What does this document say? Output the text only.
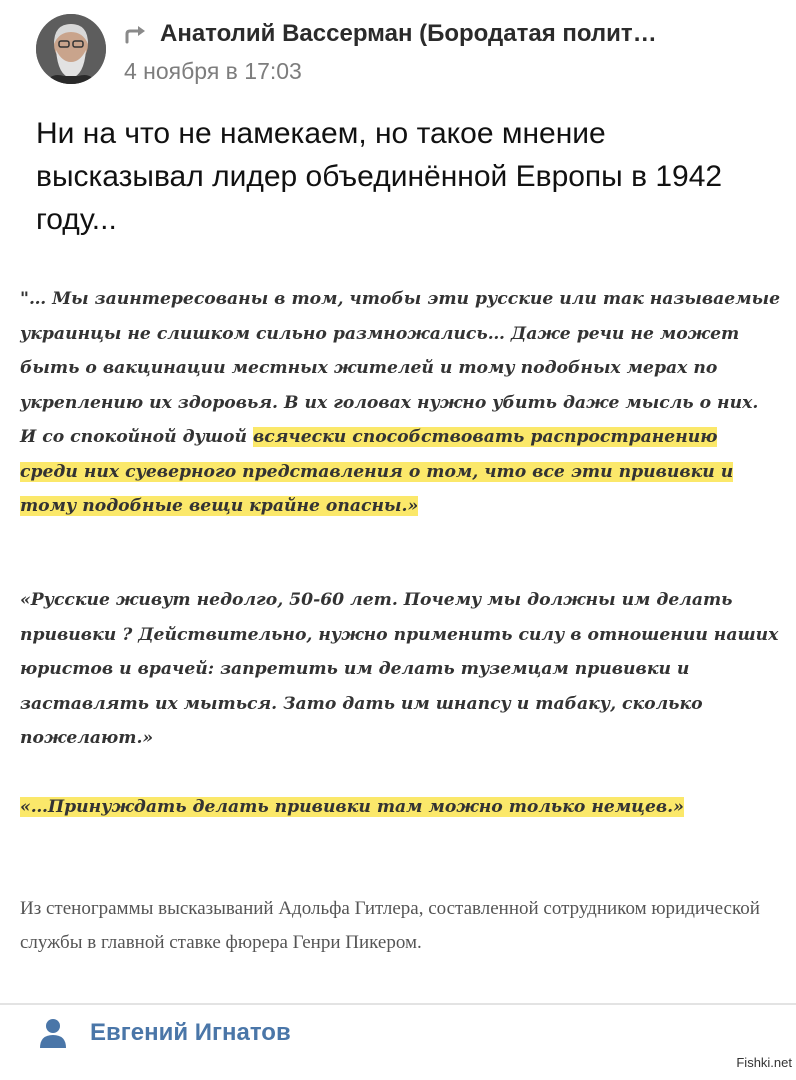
Анатолий Вассерман (Бородатая полит…
4 ноября в 17:03
Ни на что не намекаем, но такое мнение высказывал лидер объединённой Европы в 1942 году...
"… Мы заинтересованы в том, чтобы эти русские или так называемые украинцы не слишком сильно размножались… Даже речи не может быть о вакцинации местных жителей и тому подобных мерах по укреплению их здоровья. В их головах нужно убить даже мысль о них. И со спокойной душой всячески способствовать распространению среди них суеверного представления о том, что все эти прививки и тому подобные вещи крайне опасны.»
«Русские живут недолго, 50-60 лет. Почему мы должны им делать прививки ? Действительно, нужно применить силу в отношении наших юристов и врачей: запретить им делать туземцам прививки и заставлять их мыться. Зато дать им шнапсу и табаку, сколько пожелают.»
«…Принуждать делать прививки там можно только немцев.»
Из стенограммы высказываний Адольфа Гитлера, составленной сотрудником юридической службы в главной ставке фюрера Генри Пикером.
Евгений Игнатов
Fishki.net
